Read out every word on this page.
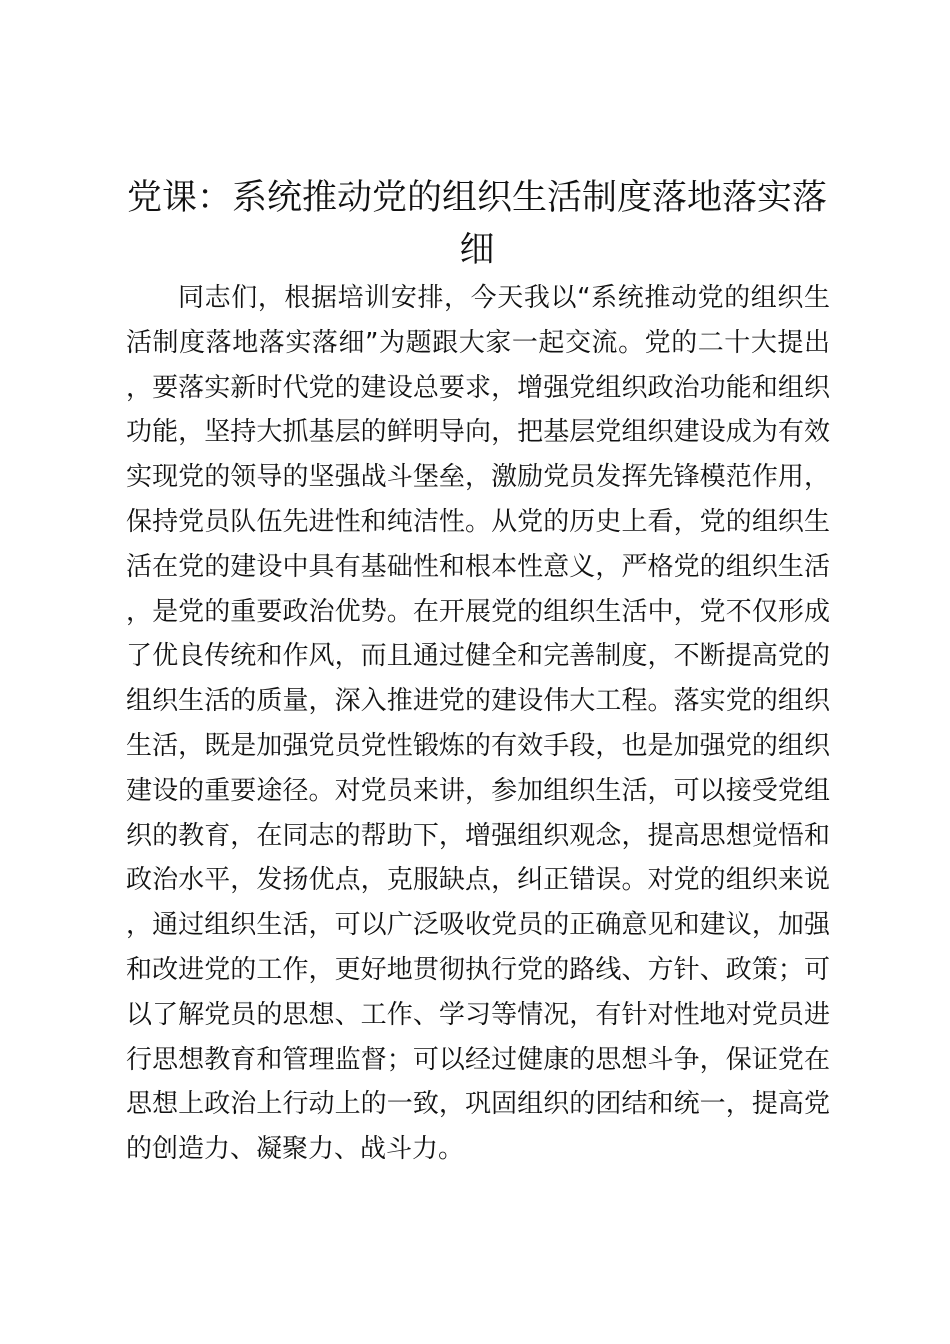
党课：系统推动党的组织生活制度落地落实落细

同志们，根据培训安排，今天我以“系统推动党的组织生活制度落地落实落细”为题跟大家一起交流。党的二十大提出，要落实新时代党的建设总要求，增强党组织政治功能和组织功能，坚持大抓基层的鲜明导向，把基层党组织建设成为有效实现党的领导的坚强战斗堡垒，激励党员发挥先锋模范作用，保持党员队伍先进性和纯洁性。从党的历史上看，党的组织生活在党的建设中具有基础性和根本性意义，严格党的组织生活，是党的重要政治优势。在开展党的组织生活中，党不仅形成了优良传统和作风，而且通过健全和完善制度，不断提高党的组织生活的质量，深入推进党的建设伟大工程。落实党的组织生活，既是加强党员党性锻炼的有效手段，也是加强党的组织建设的重要途径。对党员来讲，参加组织生活，可以接受党组织的教育，在同志的帮助下，增强组织观念，提高思想觉悟和政治水平，发扬优点，克服缺点，纠正错误。对党的组织来说，通过组织生活，可以广泛吸收党员的正确意见和建议，加强和改进党的工作，更好地贯彻执行党的路线、方针、政策；可以了解党员的思想、工作、学习等情况，有针对性地对党员进行思想教育和管理监督；可以经过健康的思想斗争，保证党在思想上政治上行动上的一致，巩固组织的团结和统一，提高党的创造力、凝聚力、战斗力。
